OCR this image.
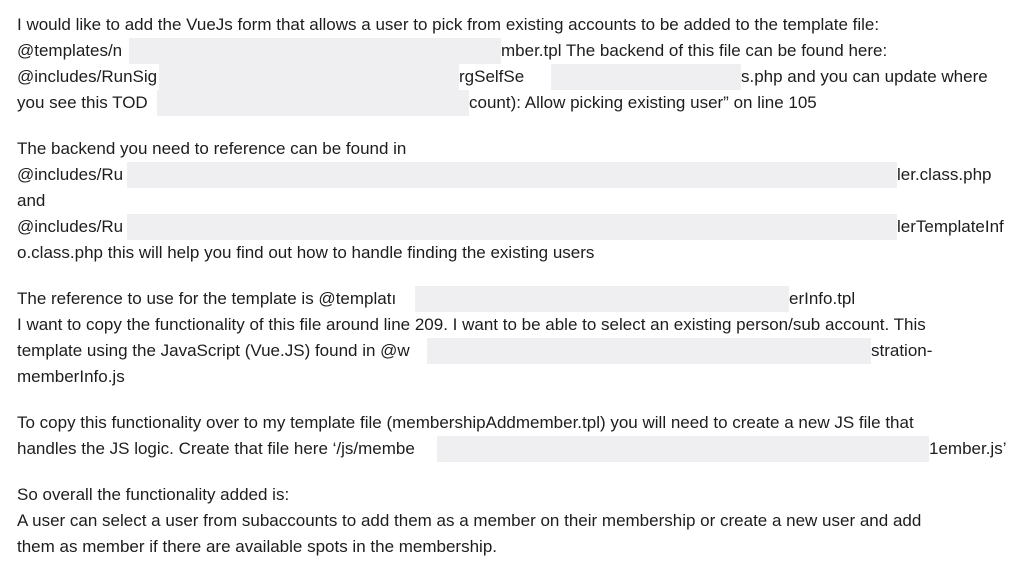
I would like to add the VueJs form that allows a user to pick from existing accounts to be added to the template file:
@templates/n	mber.tpl The backend of this file can be found here:
@includes/RunSig	rgSelfSe	s.php and you can update where
you see this TOD	count): Allow picking existing user” on line 105
The backend you need to reference can be found in
@includes/Ru	ler.class.php
and
@includes/Ru	lerTemplateInf
o.class.php this will help you find out how to handle finding the existing users
The reference to use for the template is @templatı	erInfo.tpl
I want to copy the functionality of this file around line 209. I want to be able to select an existing person/sub account. This
template using the JavaScript (Vue.JS) found in @w	stration-
memberInfo.js
To copy this functionality over to my template file (membershipAddmember.tpl) you will need to create a new JS file that
handles the JS logic. Create that file here ‘/js/membe	1ember.js’
So overall the functionality added is:
A user can select a user from subaccounts to add them as a member on their membership or create a new user and add
them as member if there are available spots in the membership.
